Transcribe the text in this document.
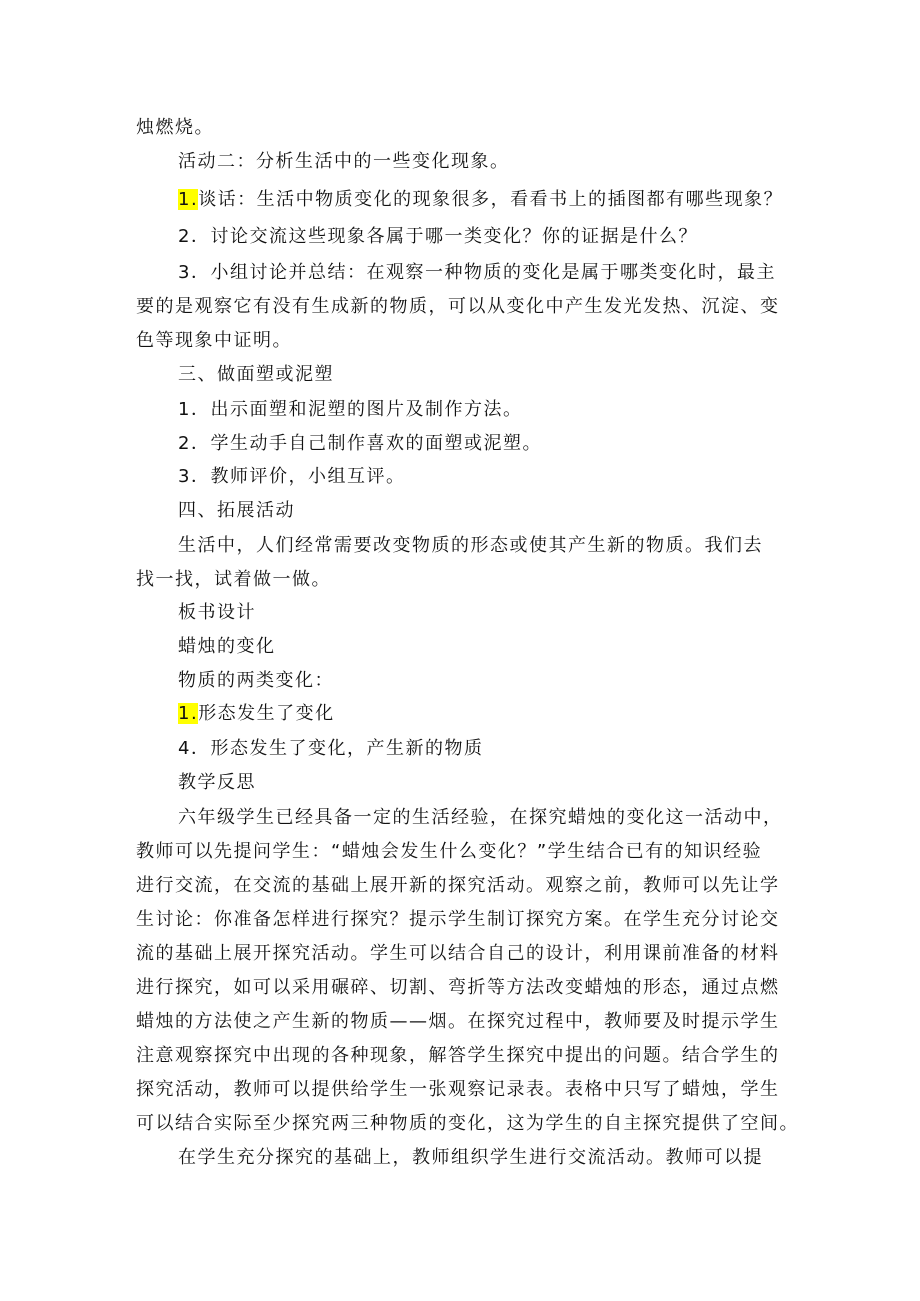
烛燃烧。
活动二：分析生活中的一些变化现象。
1.谈话：生活中物质变化的现象很多，看看书上的插图都有哪些现象？
2．讨论交流这些现象各属于哪一类变化？你的证据是什么？
3．小组讨论并总结：在观察一种物质的变化是属于哪类变化时，最主
要的是观察它有没有生成新的物质，可以从变化中产生发光发热、沉淀、变
色等现象中证明。
三、做面塑或泥塑
1．出示面塑和泥塑的图片及制作方法。
2．学生动手自己制作喜欢的面塑或泥塑。
3．教师评价，小组互评。
四、拓展活动
生活中，人们经常需要改变物质的形态或使其产生新的物质。我们去
找一找，试着做一做。
板书设计
蜡烛的变化
物质的两类变化：
1.形态发生了变化
4．形态发生了变化，产生新的物质
教学反思
六年级学生已经具备一定的生活经验，在探究蜡烛的变化这一活动中，
教师可以先提问学生：“蜡烛会发生什么变化？”学生结合已有的知识经验
进行交流，在交流的基础上展开新的探究活动。观察之前，教师可以先让学
生讨论：你准备怎样进行探究？提示学生制订探究方案。在学生充分讨论交
流的基础上展开探究活动。学生可以结合自己的设计，利用课前准备的材料
进行探究，如可以采用碾碎、切割、弯折等方法改变蜡烛的形态，通过点燃
蜡烛的方法使之产生新的物质——烟。在探究过程中，教师要及时提示学生
注意观察探究中出现的各种现象，解答学生探究中提出的问题。结合学生的
探究活动，教师可以提供给学生一张观察记录表。表格中只写了蜡烛，学生
可以结合实际至少探究两三种物质的变化，这为学生的自主探究提供了空间。
在学生充分探究的基础上，教师组织学生进行交流活动。教师可以提
